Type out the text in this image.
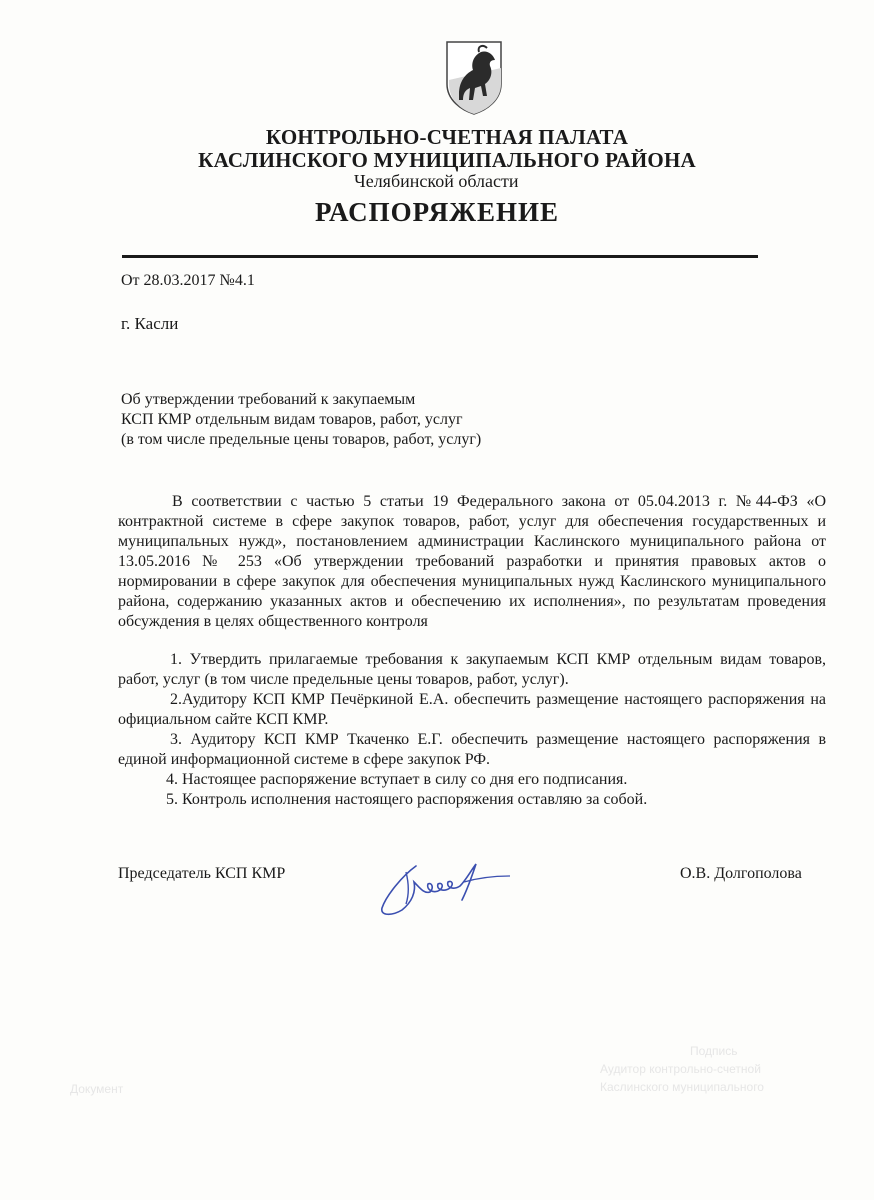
КОНТРОЛЬНО-СЧЕТНАЯ ПАЛАТА
КАСЛИНСКОГО МУНИЦИПАЛЬНОГО РАЙОНА
Челябинской области
РАСПОРЯЖЕНИЕ
От 28.03.2017 №4.1
г. Касли
Об утверждении требований к закупаемым
КСП КМР отдельным видам товаров, работ, услуг
(в том числе предельные цены товаров, работ, услуг)
В соответствии с частью 5 статьи 19 Федерального закона от 05.04.2013 г. №44-ФЗ «О контрактной системе в сфере закупок товаров, работ, услуг для обеспечения государственных и муниципальных нужд», постановлением администрации Каслинского муниципального района от 13.05.2016 № 253 «Об утверждении требований разработки и принятия правовых актов о нормировании в сфере закупок для обеспечения муниципальных нужд Каслинского муниципального района, содержанию указанных актов и обеспечению их исполнения», по результатам проведения обсуждения в целях общественного контроля

1. Утвердить прилагаемые требования к закупаемым КСП КМР отдельным видам товаров, работ, услуг (в том числе предельные цены товаров, работ, услуг).

2.Аудитору КСП КМР Печёркиной Е.А. обеспечить размещение настоящего распоряжения на официальном сайте КСП КМР.

3. Аудитору КСП КМР Ткаченко Е.Г. обеспечить размещение настоящего распоряжения в единой информационной системе в сфере закупок РФ.

4. Настоящее распоряжение вступает в силу со дня его подписания.

5. Контроль исполнения настоящего распоряжения оставляю за собой.

Председатель КСП КМР	О.В. Долгополова
Подпись
Аудитор контрольно-счетной
Каслинского муниципального
Документ
